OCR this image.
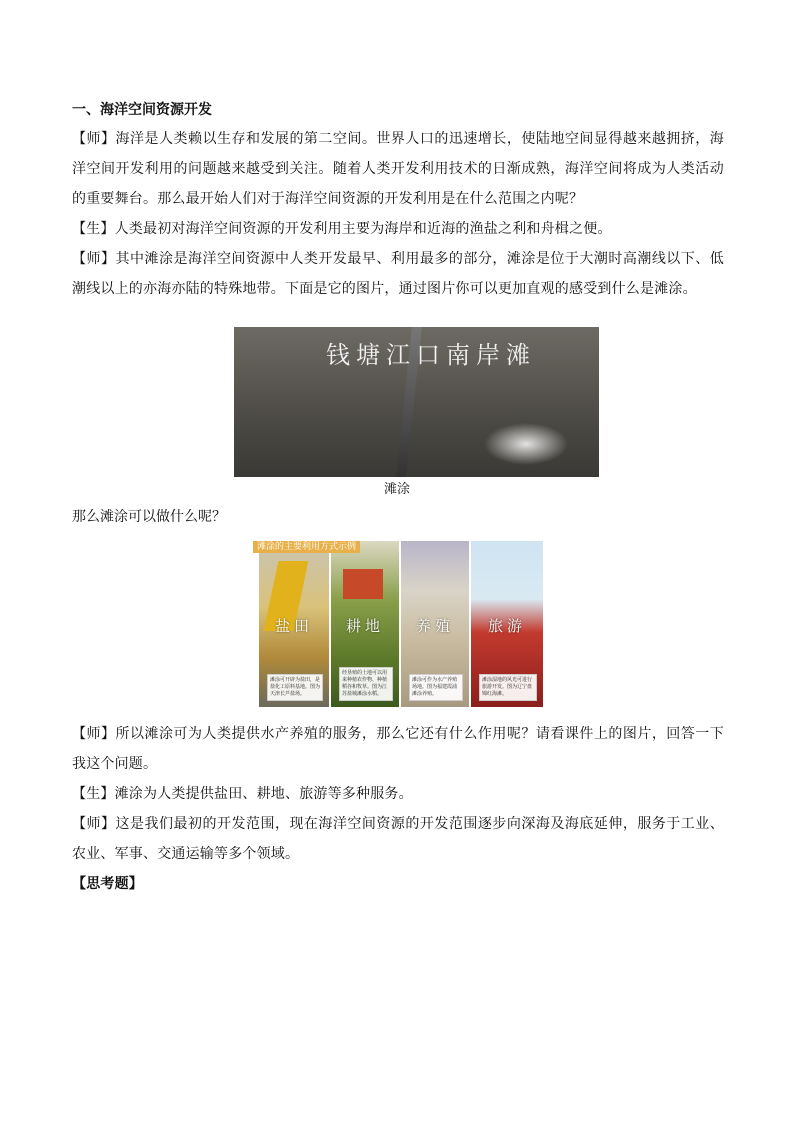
一、海洋空间资源开发

【师】海洋是人类赖以生存和发展的第二空间。世界人口的迅速增长，使陆地空间显得越来越拥挤，海洋空间开发利用的问题越来越受到关注。随着人类开发利用技术的日渐成熟，海洋空间将成为人类活动的重要舞台。那么最开始人们对于海洋空间资源的开发利用是在什么范围之内呢？

【生】人类最初对海洋空间资源的开发利用主要为海岸和近海的渔盐之利和舟楫之便。

【师】其中滩涂是海洋空间资源中人类开发最早、利用最多的部分，滩涂是位于大潮时高潮线以下、低潮线以上的亦海亦陆的特殊地带。下面是它的图片，通过图片你可以更加直观的感受到什么是滩涂。

钱塘江口南岸滩
滩涂
那么滩涂可以做什么呢？
盐田
滩涂可开辟为盐田，是盐化工原料基地。图为天津长芦盐场。
耕地
经垦殖的土地可以用来种植农作物、种植稻谷和牧草。图为江苏盐城滩涂水稻。
养殖
滩涂可作为水产养殖场地。图为福建霞浦滩涂养殖。
旅游
滩涂湿地的风光可进行旅游开发。图为辽宁盘锦红海滩。
滩涂的主要利用方式示例

【师】所以滩涂可为人类提供水产养殖的服务，那么它还有什么作用呢？请看课件上的图片，回答一下我这个问题。

【生】滩涂为人类提供盐田、耕地、旅游等多种服务。

【师】这是我们最初的开发范围，现在海洋空间资源的开发范围逐步向深海及海底延伸，服务于工业、农业、军事、交通运输等多个领域。

【思考题】
